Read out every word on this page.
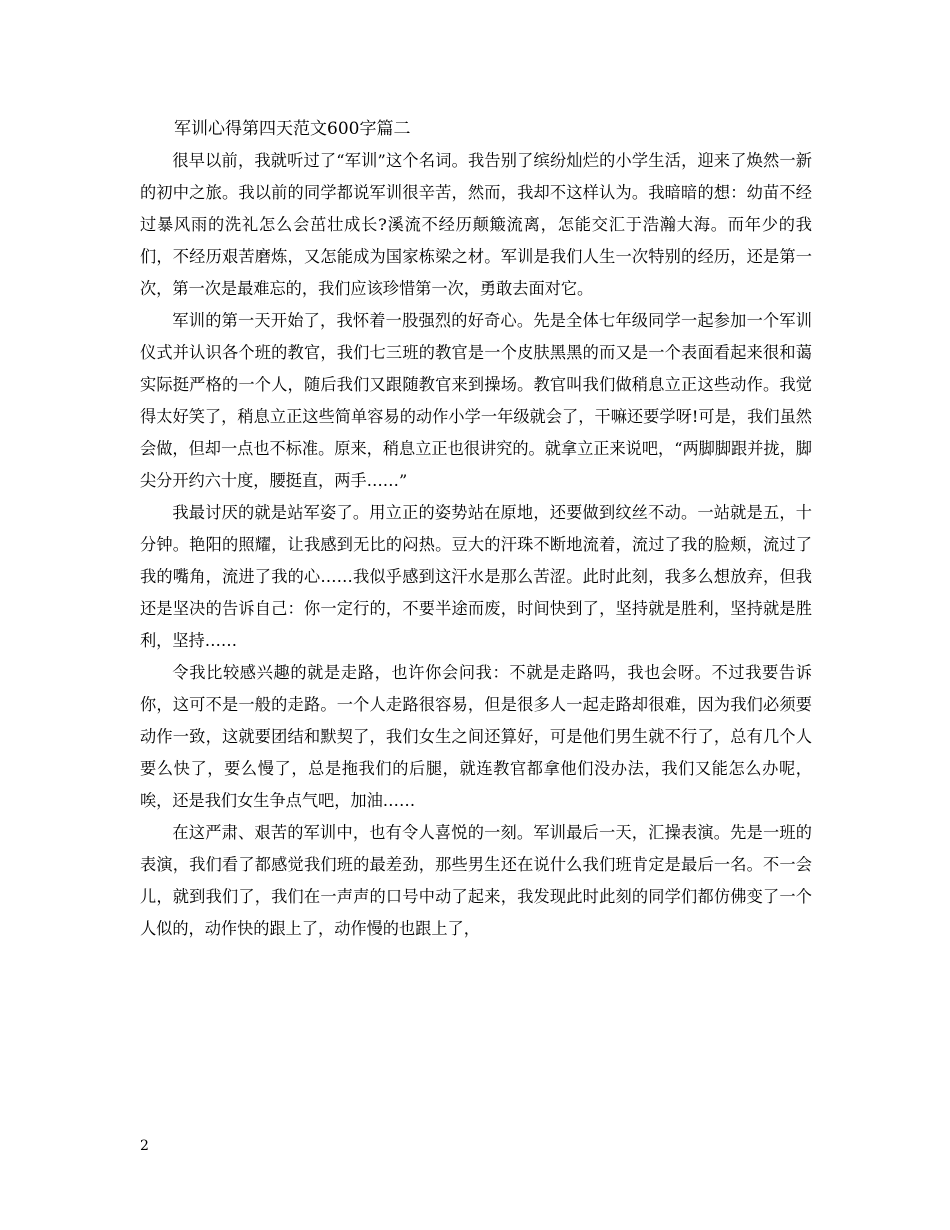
军训心得第四天范文600字篇二

很早以前，我就听过了“军训”这个名词。我告别了缤纷灿烂的小学生活，迎来了焕然一新的初中之旅。我以前的同学都说军训很辛苦，然而，我却不这样认为。我暗暗的想：幼苗不经过暴风雨的洗礼怎么会茁壮成长?溪流不经历颠簸流离，怎能交汇于浩瀚大海。而年少的我们，不经历艰苦磨炼，又怎能成为国家栋梁之材。军训是我们人生一次特别的经历，还是第一次，第一次是最难忘的，我们应该珍惜第一次，勇敢去面对它。

军训的第一天开始了，我怀着一股强烈的好奇心。先是全体七年级同学一起参加一个军训仪式并认识各个班的教官，我们七三班的教官是一个皮肤黑黑的而又是一个表面看起来很和蔼实际挺严格的一个人，随后我们又跟随教官来到操场。教官叫我们做稍息立正这些动作。我觉得太好笑了，稍息立正这些简单容易的动作小学一年级就会了，干嘛还要学呀!可是，我们虽然会做，但却一点也不标准。原来，稍息立正也很讲究的。就拿立正来说吧，“两脚脚跟并拢，脚尖分开约六十度，腰挺直，两手……”

我最讨厌的就是站军姿了。用立正的姿势站在原地，还要做到纹丝不动。一站就是五，十分钟。艳阳的照耀，让我感到无比的闷热。豆大的汗珠不断地流着，流过了我的脸颊，流过了我的嘴角，流进了我的心……我似乎感到这汗水是那么苦涩。此时此刻，我多么想放弃，但我还是坚决的告诉自己：你一定行的，不要半途而废，时间快到了，坚持就是胜利，坚持就是胜利，坚持……

令我比较感兴趣的就是走路，也许你会问我：不就是走路吗，我也会呀。不过我要告诉你，这可不是一般的走路。一个人走路很容易，但是很多人一起走路却很难，因为我们必须要动作一致，这就要团结和默契了，我们女生之间还算好，可是他们男生就不行了，总有几个人要么快了，要么慢了，总是拖我们的后腿，就连教官都拿他们没办法，我们又能怎么办呢，唉，还是我们女生争点气吧，加油……

在这严肃、艰苦的军训中，也有令人喜悦的一刻。军训最后一天，汇操表演。先是一班的表演，我们看了都感觉我们班的最差劲，那些男生还在说什么我们班肯定是最后一名。不一会儿，就到我们了，我们在一声声的口号中动了起来，我发现此时此刻的同学们都仿佛变了一个人似的，动作快的跟上了，动作慢的也跟上了，

2
